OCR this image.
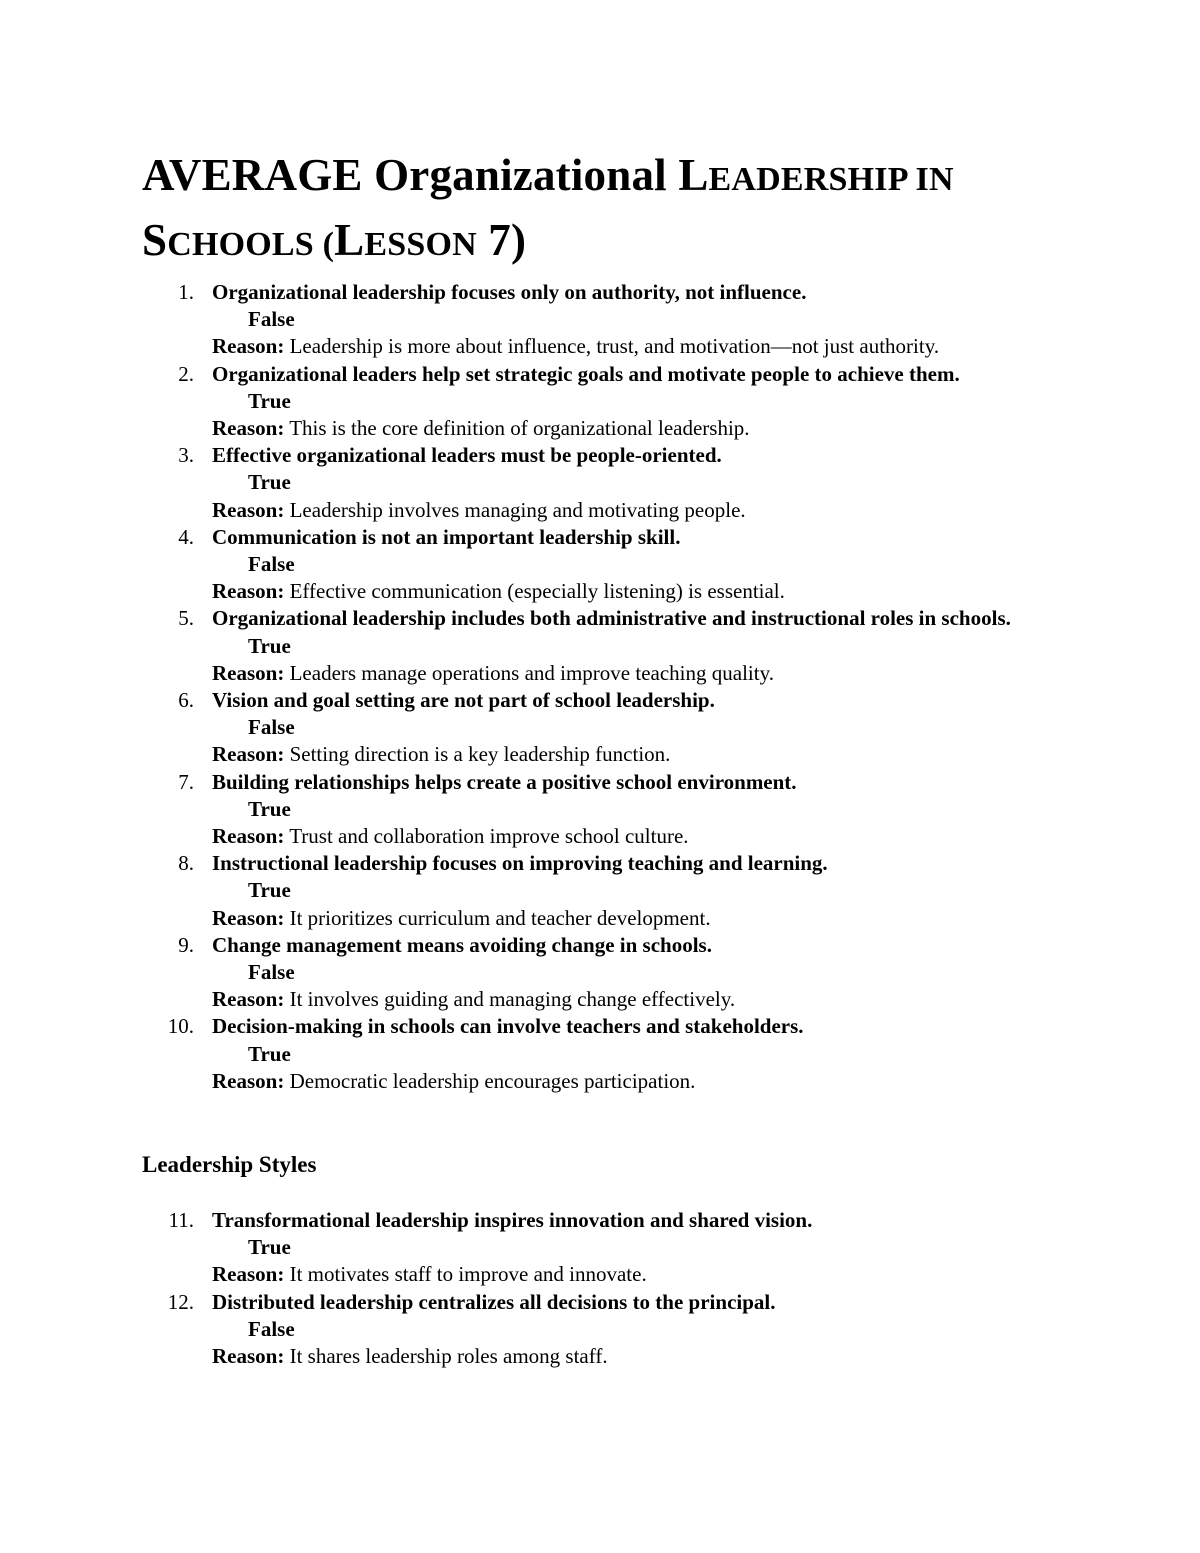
AVERAGE Organizational LEADERSHIP IN
SCHOOLS (LESSON 7)
1. Organizational leadership focuses only on authority, not influence.
False
Reason: Leadership is more about influence, trust, and motivation—not just authority.
2. Organizational leaders help set strategic goals and motivate people to achieve them.
True
Reason: This is the core definition of organizational leadership.
3. Effective organizational leaders must be people-oriented.
True
Reason: Leadership involves managing and motivating people.
4. Communication is not an important leadership skill.
False
Reason: Effective communication (especially listening) is essential.
5. Organizational leadership includes both administrative and instructional roles in schools.
True
Reason: Leaders manage operations and improve teaching quality.
6. Vision and goal setting are not part of school leadership.
False
Reason: Setting direction is a key leadership function.
7. Building relationships helps create a positive school environment.
True
Reason: Trust and collaboration improve school culture.
8. Instructional leadership focuses on improving teaching and learning.
True
Reason: It prioritizes curriculum and teacher development.
9. Change management means avoiding change in schools.
False
Reason: It involves guiding and managing change effectively.
10. Decision-making in schools can involve teachers and stakeholders.
True
Reason: Democratic leadership encourages participation.
Leadership Styles
11. Transformational leadership inspires innovation and shared vision.
True
Reason: It motivates staff to improve and innovate.
12. Distributed leadership centralizes all decisions to the principal.
False
Reason: It shares leadership roles among staff.
